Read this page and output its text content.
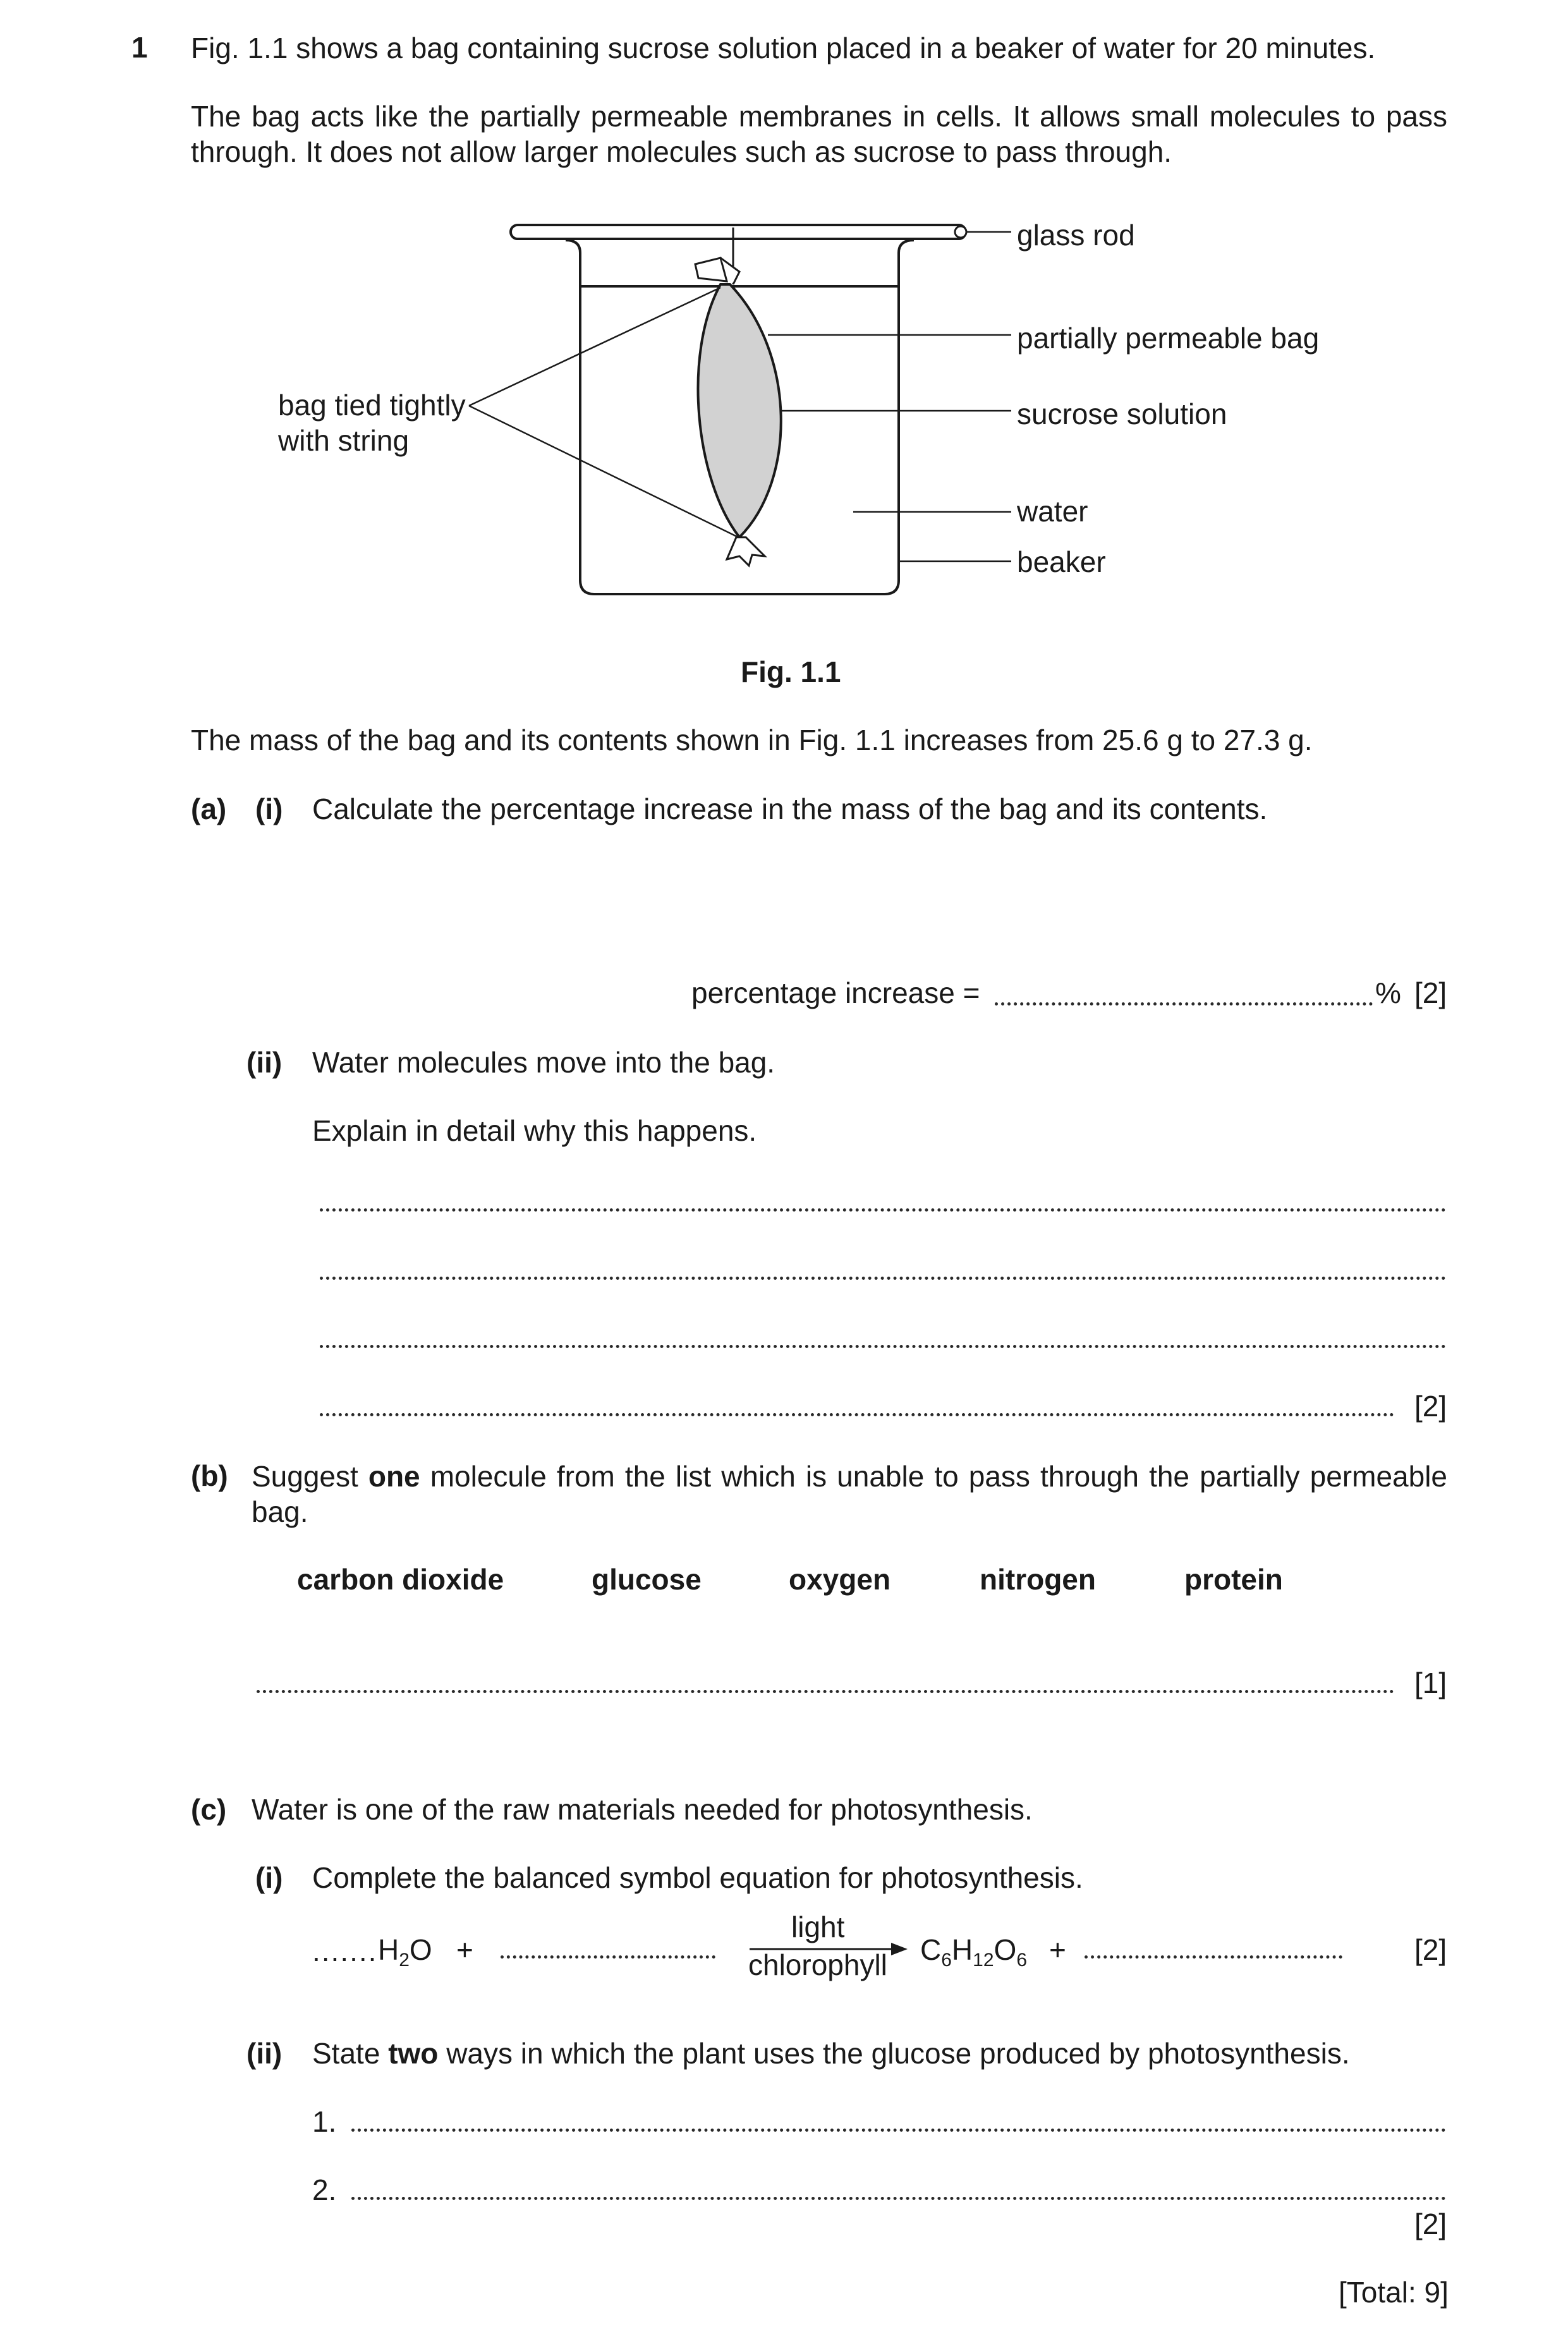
1 Fig. 1.1 shows a bag containing sucrose solution placed in a beaker of water for 20 minutes.
The bag acts like the partially permeable membranes in cells. It allows small molecules to pass through. It does not allow larger molecules such as sucrose to pass through.
glass rod
partially permeable bag
sucrose solution
water
beaker
bag tied tightly
with string
Fig. 1.1
The mass of the bag and its contents shown in Fig. 1.1 increases from 25.6 g to 27.3 g.
(a) (i) Calculate the percentage increase in the mass of the bag and its contents.
percentage increase =	% [2]
(ii) Water molecules move into the bag.
Explain in detail why this happens.
[2]
(b) Suggest one molecule from the list which is unable to pass through the partially permeable bag.
carbon dioxide	glucose	oxygen	nitrogen	protein
[1]
(c) Water is one of the raw materials needed for photosynthesis.
(i) Complete the balanced symbol equation for photosynthesis.
....... $H_2O$ +
light
chlorophyll $C_6H_{12}O_6$ +	[2]
(ii) State two ways in which the plant uses the glucose produced by photosynthesis.
1.
2.
[2]
[Total: 9]
